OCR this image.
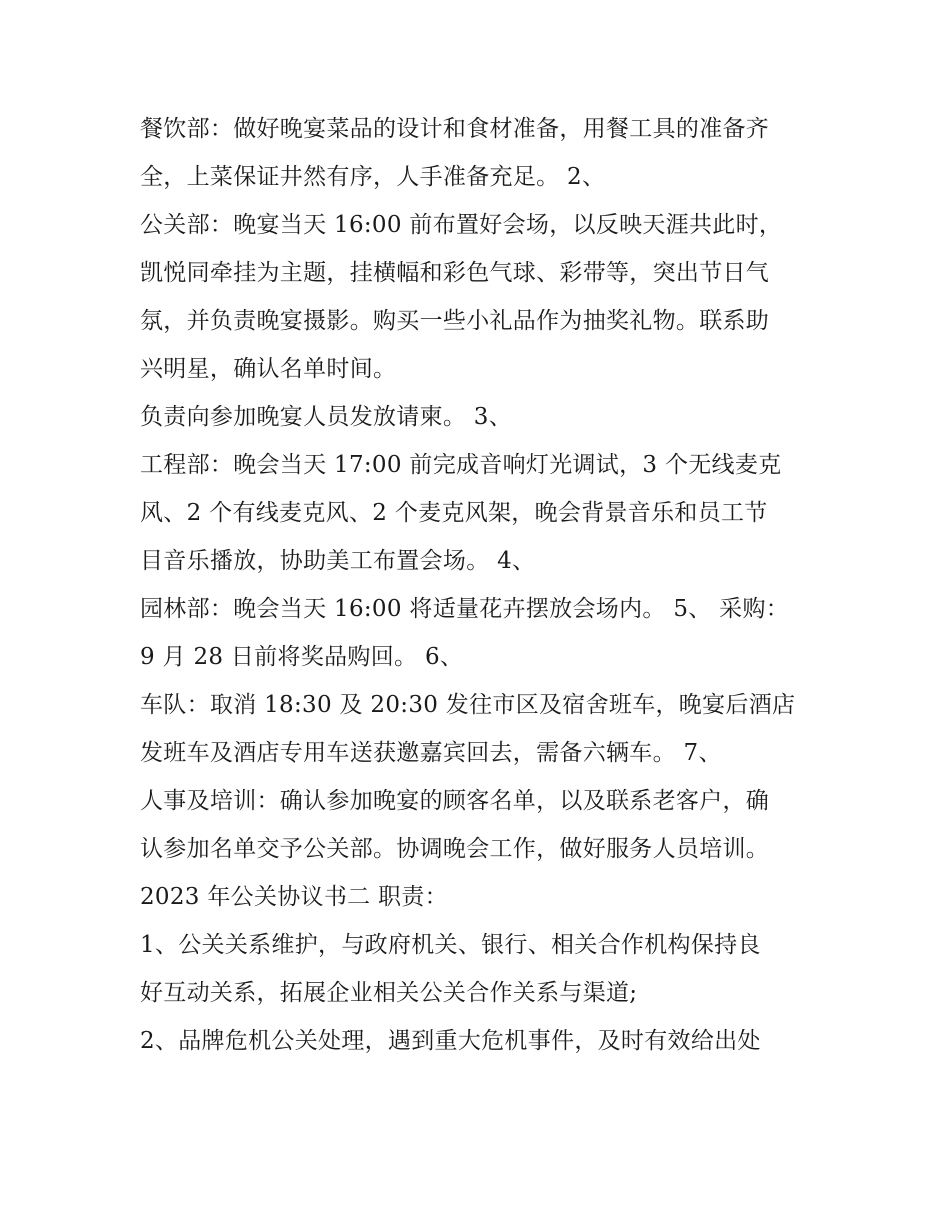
餐饮部：做好晚宴菜品的设计和食材准备，用餐工具的准备齐
全，上菜保证井然有序，人手准备充足。 2、
公关部：晚宴当天 16:00 前布置好会场，以反映天涯共此时，
凯悦同牵挂为主题，挂横幅和彩色气球、彩带等，突出节日气
氛，并负责晚宴摄影。购买一些小礼品作为抽奖礼物。联系助
兴明星，确认名单时间。
负责向参加晚宴人员发放请柬。 3、
工程部：晚会当天 17:00 前完成音响灯光调试，3 个无线麦克
风、2 个有线麦克风、2 个麦克风架，晚会背景音乐和员工节
目音乐播放，协助美工布置会场。 4、
园林部：晚会当天 16:00 将适量花卉摆放会场内。 5、 采购：
9 月 28 日前将奖品购回。 6、
车队：取消 18:30 及 20:30 发往市区及宿舍班车，晚宴后酒店
发班车及酒店专用车送获邀嘉宾回去，需备六辆车。 7、
人事及培训：确认参加晚宴的顾客名单，以及联系老客户，确
认参加名单交予公关部。协调晚会工作，做好服务人员培训。
2023 年公关协议书二 职责：
1、公关关系维护，与政府机关、银行、相关合作机构保持良
好互动关系，拓展企业相关公关合作关系与渠道;
2、品牌危机公关处理，遇到重大危机事件，及时有效给出处
